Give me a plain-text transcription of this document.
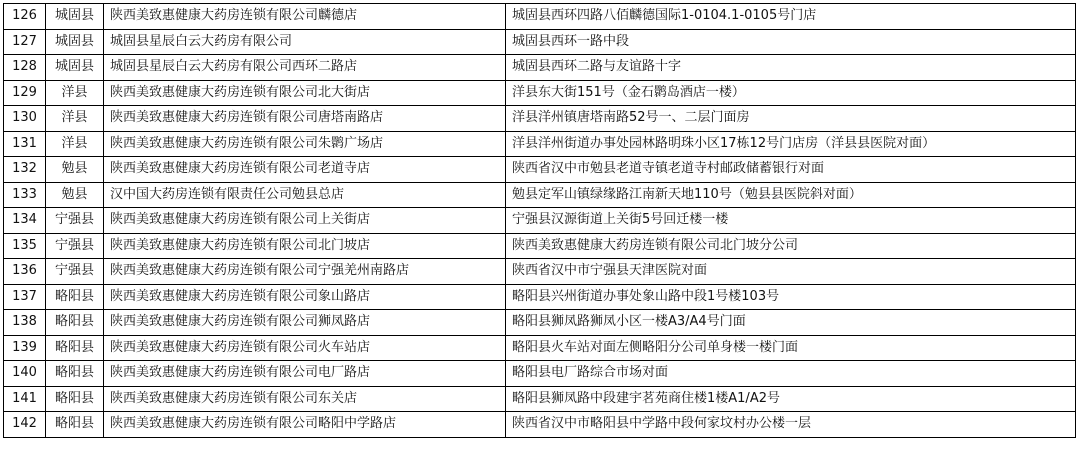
126	城固县	陕西美致惠健康大药房连锁有限公司麟德店	城固县西环四路八佰麟德国际1-0104.1-0105号门店
127	城固县	城固县星辰白云大药房有限公司	城固县西环一路中段
128	城固县	城固县星辰白云大药房有限公司西环二路店	城固县西环二路与友谊路十字
129	洋县	陕西美致惠健康大药房连锁有限公司北大街店	洋县东大街151号（金石鹮岛酒店一楼）
130	洋县	陕西美致惠健康大药房连锁有限公司唐塔南路店	洋县洋州镇唐塔南路52号一、二层门面房
131	洋县	陕西美致惠健康大药房连锁有限公司朱鹮广场店	洋县洋州街道办事处园林路明珠小区17栋12号门店房（洋县县医院对面）
132	勉县	陕西美致惠健康大药房连锁有限公司老道寺店	陕西省汉中市勉县老道寺镇老道寺村邮政储蓄银行对面
133	勉县	汉中国大药房连锁有限责任公司勉县总店	勉县定军山镇绿缘路江南新天地110号（勉县县医院斜对面）
134	宁强县	陕西美致惠健康大药房连锁有限公司上关街店	宁强县汉源街道上关街5号回迁楼一楼
135	宁强县	陕西美致惠健康大药房连锁有限公司北门坡店	陕西美致惠健康大药房连锁有限公司北门坡分公司
136	宁强县	陕西美致惠健康大药房连锁有限公司宁强羌州南路店	陕西省汉中市宁强县天津医院对面
137	略阳县	陕西美致惠健康大药房连锁有限公司象山路店	略阳县兴州街道办事处象山路中段1号楼103号
138	略阳县	陕西美致惠健康大药房连锁有限公司狮凤路店	略阳县狮凤路狮凤小区一楼A3/A4号门面
139	略阳县	陕西美致惠健康大药房连锁有限公司火车站店	略阳县火车站对面左侧略阳分公司单身楼一楼门面
140	略阳县	陕西美致惠健康大药房连锁有限公司电厂路店	略阳县电厂路综合市场对面
141	略阳县	陕西美致惠健康大药房连锁有限公司东关店	略阳县狮凤路中段建宇茗苑商住楼1楼A1/A2号
142	略阳县	陕西美致惠健康大药房连锁有限公司略阳中学路店	陕西省汉中市略阳县中学路中段何家坟村办公楼一层
